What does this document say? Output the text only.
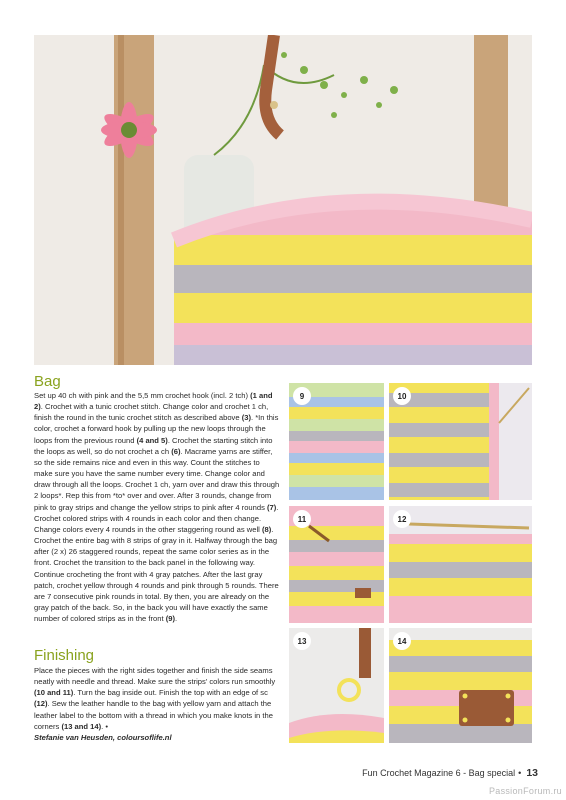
Bag

Set up 40 ch with pink and the 5,5 mm crochet hook (incl. 2 tch) (1 and 2). Crochet with a tunic crochet stitch. Change color and crochet 1 ch, finish the round in the tunic crochet stitch as described above (3). *In this color, crochet a forward hook by pulling up the new loops through the loops from the previous round (4 and 5). Crochet the starting stitch into the loops as well, so do not crochet a ch (6). Macrame yarns are stiffer, so the side remains nice and even in this way. Count the stitches to make sure you have the same number every time. Change color and draw through all the loops. Crochet 1 ch, yarn over and draw this through 2 loops*. Rep this from *to* over and over. After 3 rounds, change from pink to gray strips and change the yellow strips to pink after 4 rounds (7). Crochet colored strips with 4 rounds in each color and then change. Change colors every 4 rounds in the other staggering round as well (8). Crochet the entire bag with 8 strips of gray in it. Halfway through the bag after (2 x) 26 staggered rounds, repeat the same color series as in the front. Crochet the transition to the back panel in the following way. Continue crocheting the front with 4 gray patches. After the last gray patch, crochet yellow through 4 rounds and pink through 5 rounds. There are 7 consecutive pink rounds in total. By then, you are already on the gray patch of the back. So, in the back you will have exactly the same number of colored strips as in the front (9).

Finishing

Place the pieces with the right sides together and finish the side seams neatly with needle and thread. Make sure the strips' colors run smoothly (10 and 11). Turn the bag inside out. Finish the top with an edge of sc (12). Sew the leather handle to the bag with yellow yarn and attach the leather label to the bottom with a thread in which you make knots in the corners (13 and 14). •

Stefanie van Heusden, coloursoflife.nl
9	10
11	12
13	14
Fun Crochet Magazine 6 - Bag special • 13
PassionForum.ru
